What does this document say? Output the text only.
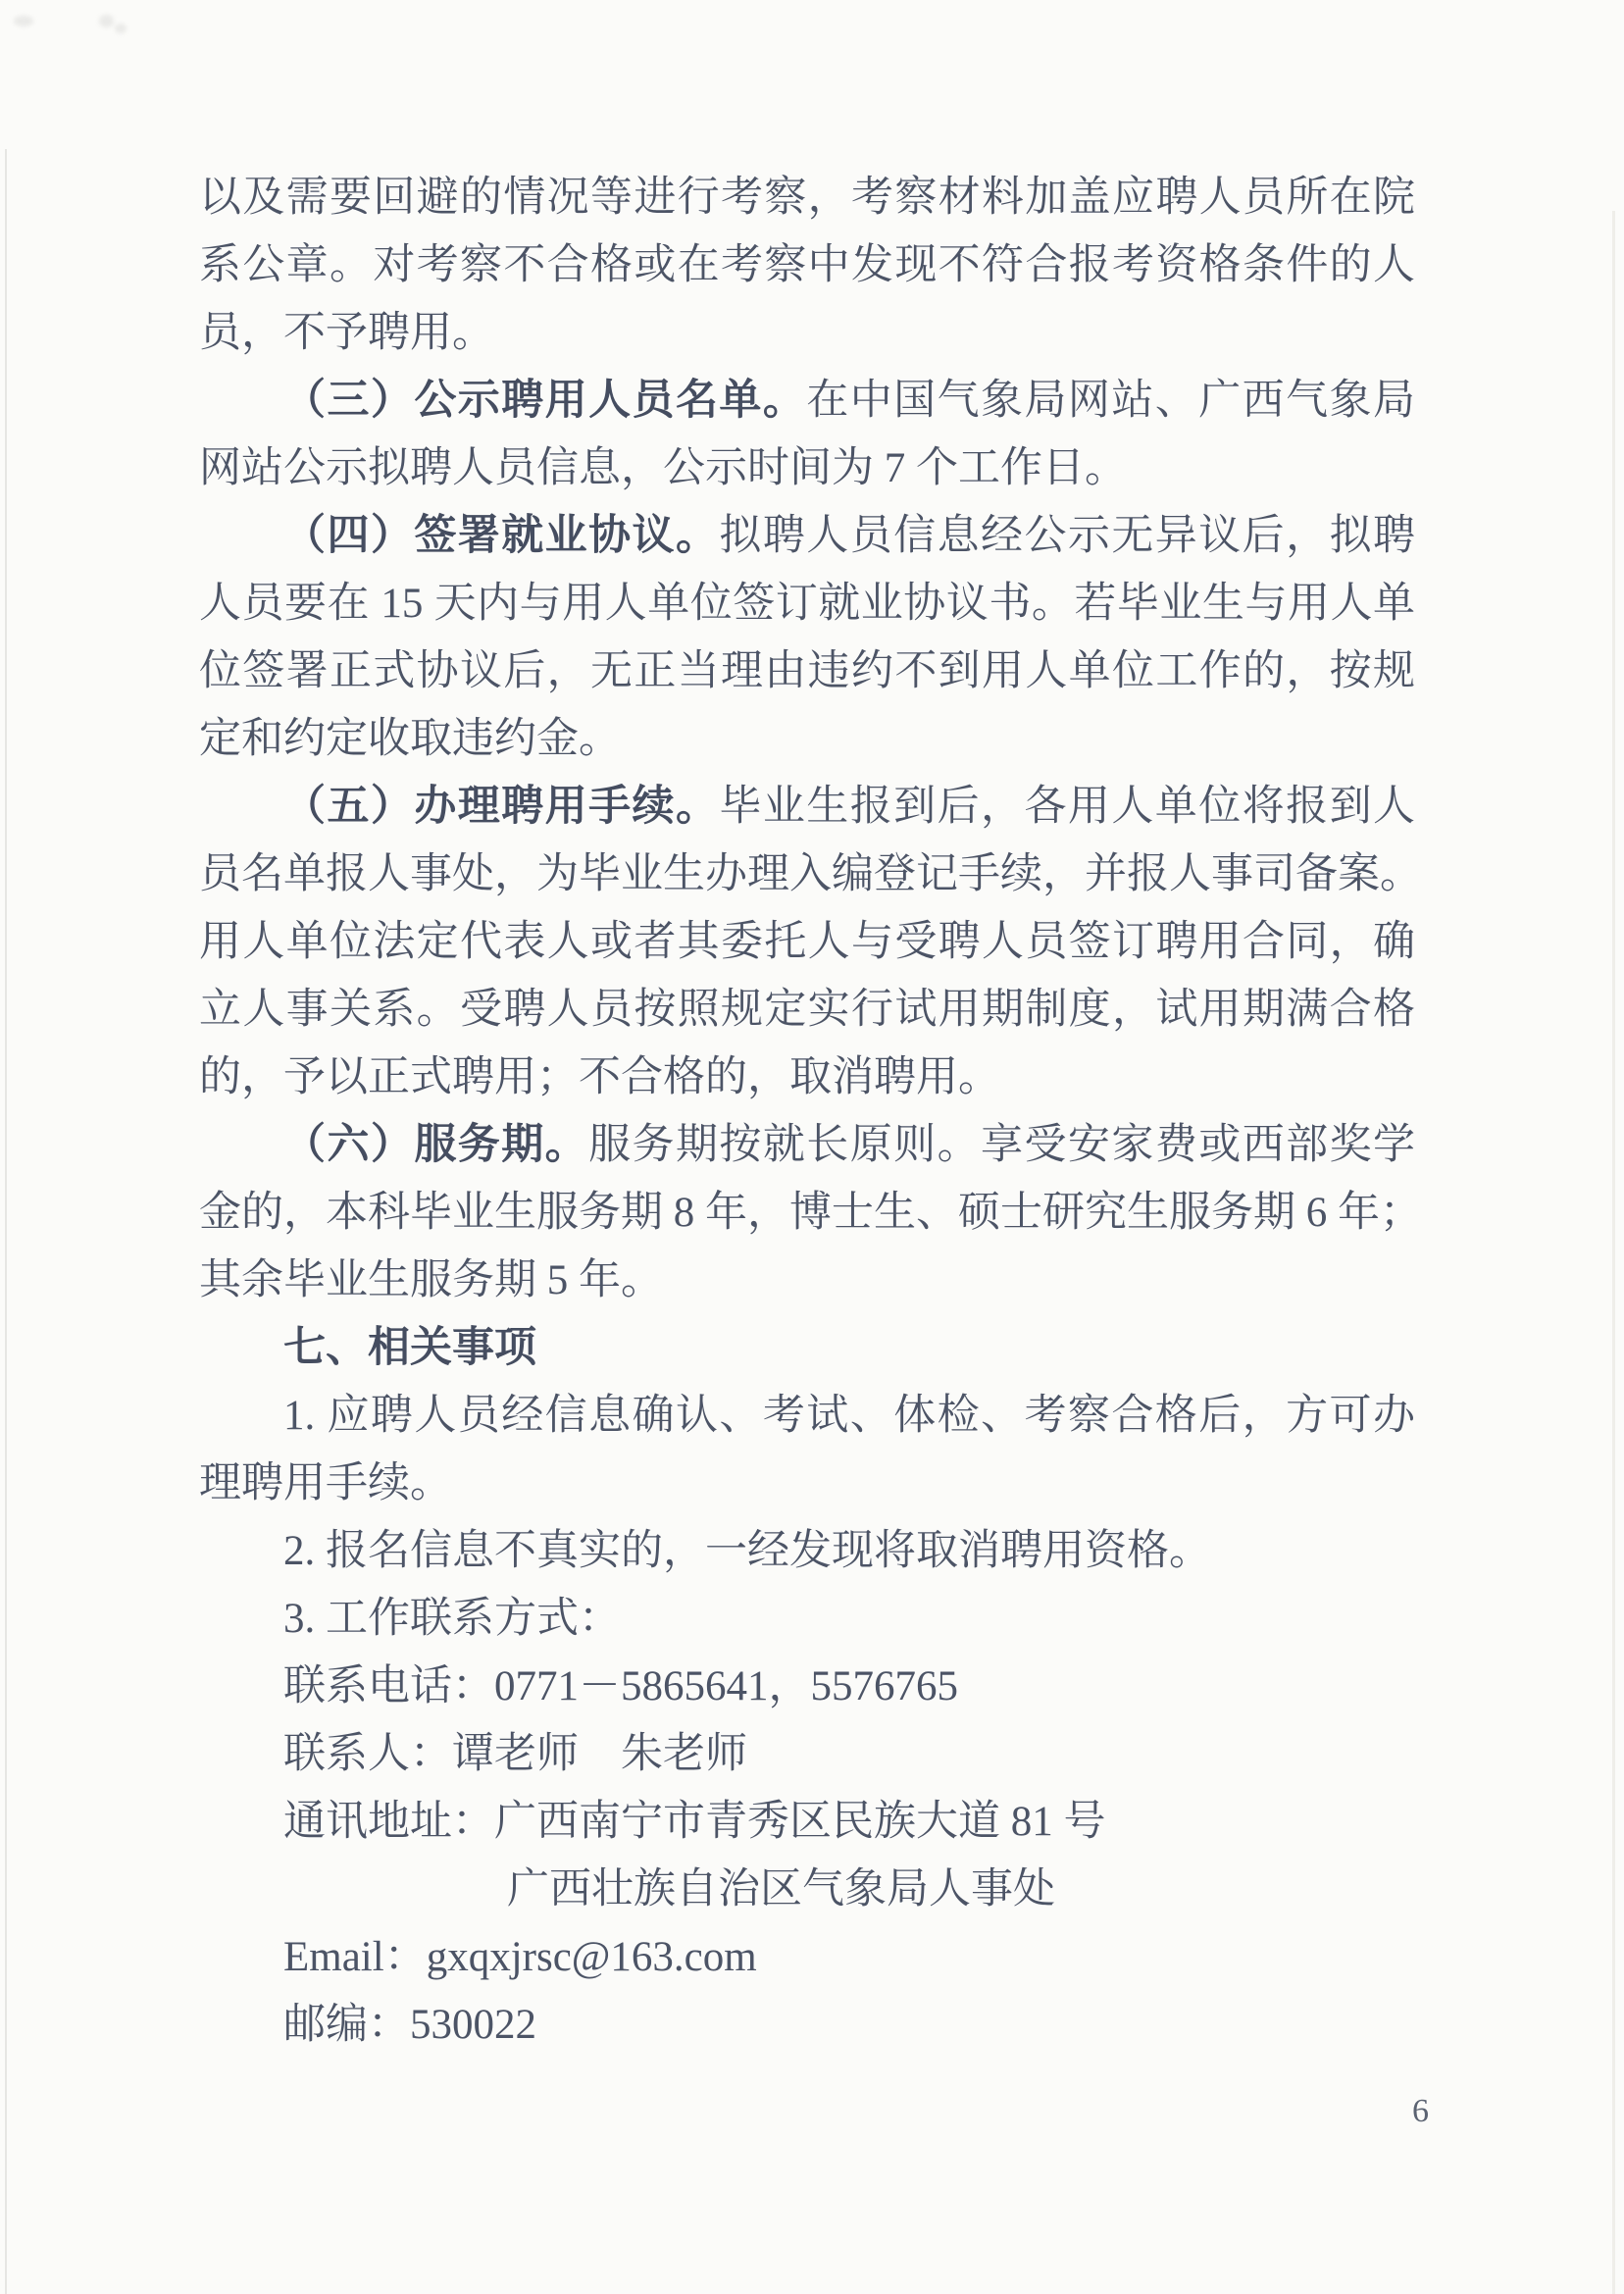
以及需要回避的情况等进行考察，考察材料加盖应聘人员所在院

系公章。对考察不合格或在考察中发现不符合报考资格条件的人

员，不予聘用。

（三）公示聘用人员名单。在中国气象局网站、广西气象局

网站公示拟聘人员信息，公示时间为 7 个工作日。

（四）签署就业协议。拟聘人员信息经公示无异议后，拟聘

人员要在 15 天内与用人单位签订就业协议书。若毕业生与用人单

位签署正式协议后，无正当理由违约不到用人单位工作的，按规

定和约定收取违约金。

（五）办理聘用手续。毕业生报到后，各用人单位将报到人

员名单报人事处，为毕业生办理入编登记手续，并报人事司备案。

用人单位法定代表人或者其委托人与受聘人员签订聘用合同，确

立人事关系。受聘人员按照规定实行试用期制度，试用期满合格

的，予以正式聘用；不合格的，取消聘用。

（六）服务期。服务期按就长原则。享受安家费或西部奖学

金的，本科毕业生服务期 8 年，博士生、硕士研究生服务期 6 年；

其余毕业生服务期 5 年。

七、相关事项

1. 应聘人员经信息确认、考试、体检、考察合格后，方可办

理聘用手续。

2. 报名信息不真实的，一经发现将取消聘用资格。

3. 工作联系方式：

联系电话：0771－5865641，5576765

联系人：谭老师　朱老师

通讯地址：广西南宁市青秀区民族大道 81 号

广西壮族自治区气象局人事处

Email：gxqxjrsc@163.com

邮编：530022

6
